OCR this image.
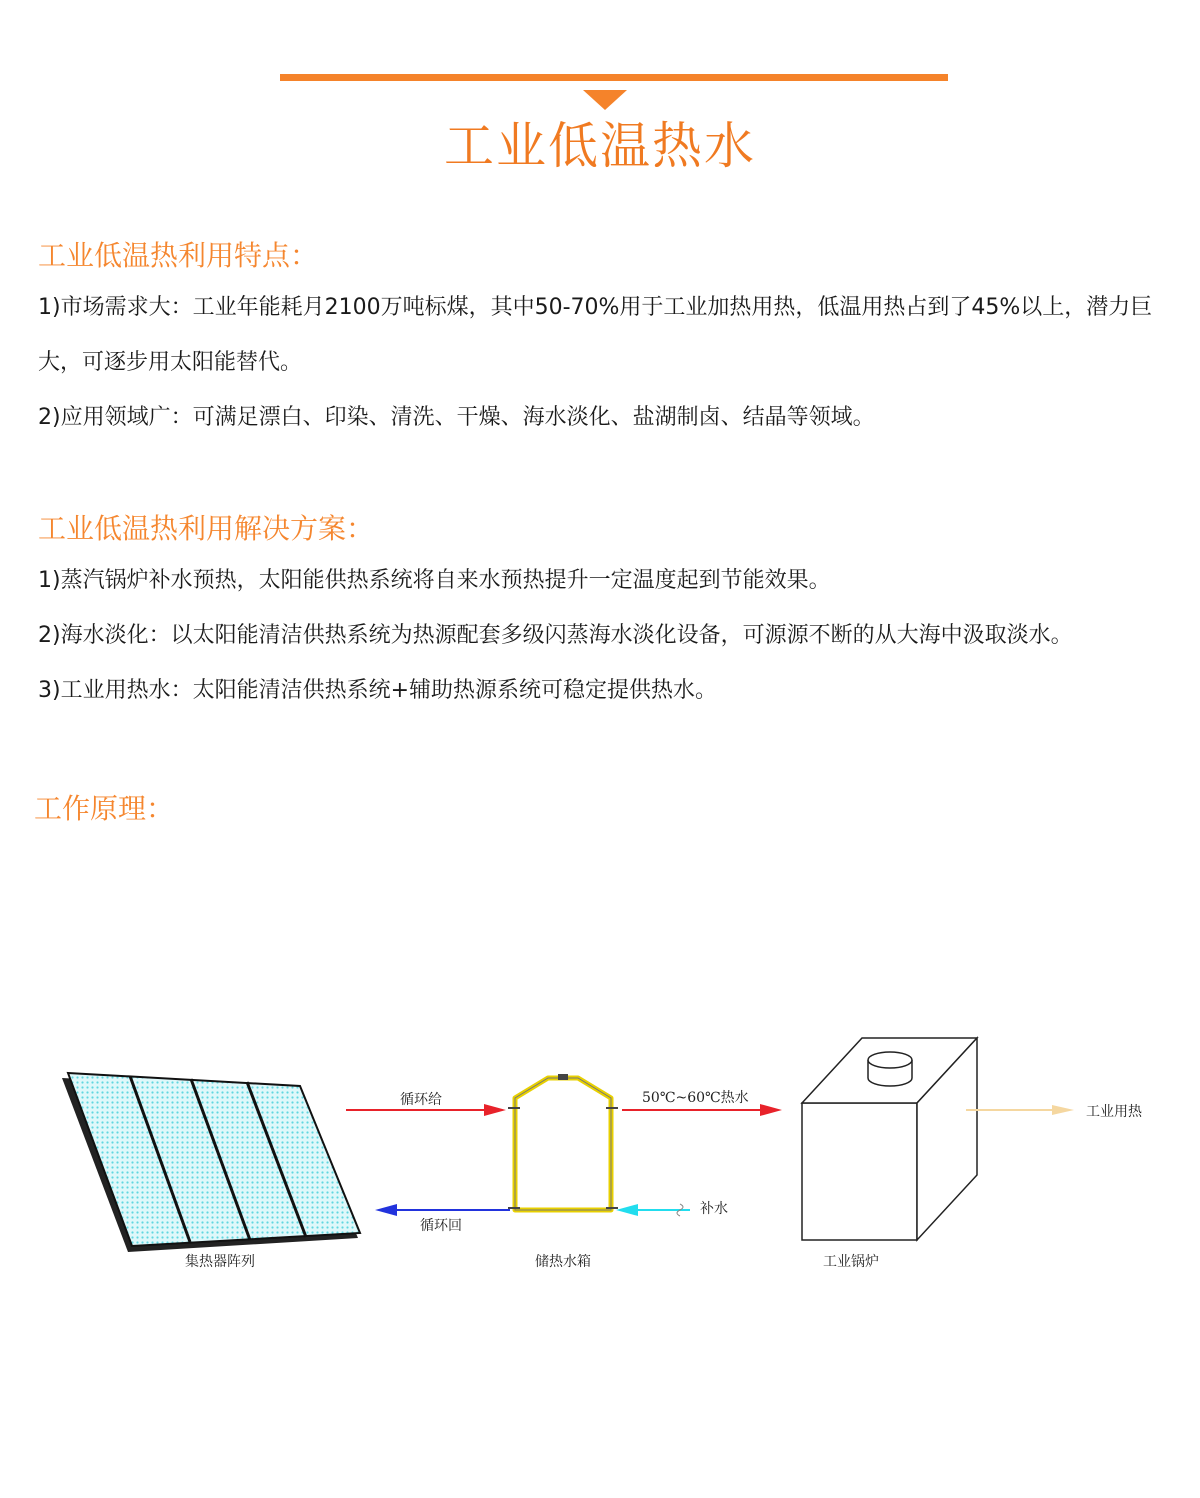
工业低温热水
工业低温热利用特点：

1)市场需求大：工业年能耗月2100万吨标煤，其中50-70%用于工业加热用热，低温用热占到了45%以上，潜力巨大，可逐步用太阳能替代。

2)应用领域广：可满足漂白、印染、清洗、干燥、海水淡化、盐湖制卤、结晶等领域。

工业低温热利用解决方案：

1)蒸汽锅炉补水预热，太阳能供热系统将自来水预热提升一定温度起到节能效果。

2)海水淡化：以太阳能清洁供热系统为热源配套多级闪蒸海水淡化设备，可源源不断的从大海中汲取淡水。

3)工业用热水：太阳能清洁供热系统+辅助热源系统可稳定提供热水。

工作原理：
集热器阵列
循环给
循环回
储热水箱
50℃~60℃热水
补水
工业锅炉
工业用热
